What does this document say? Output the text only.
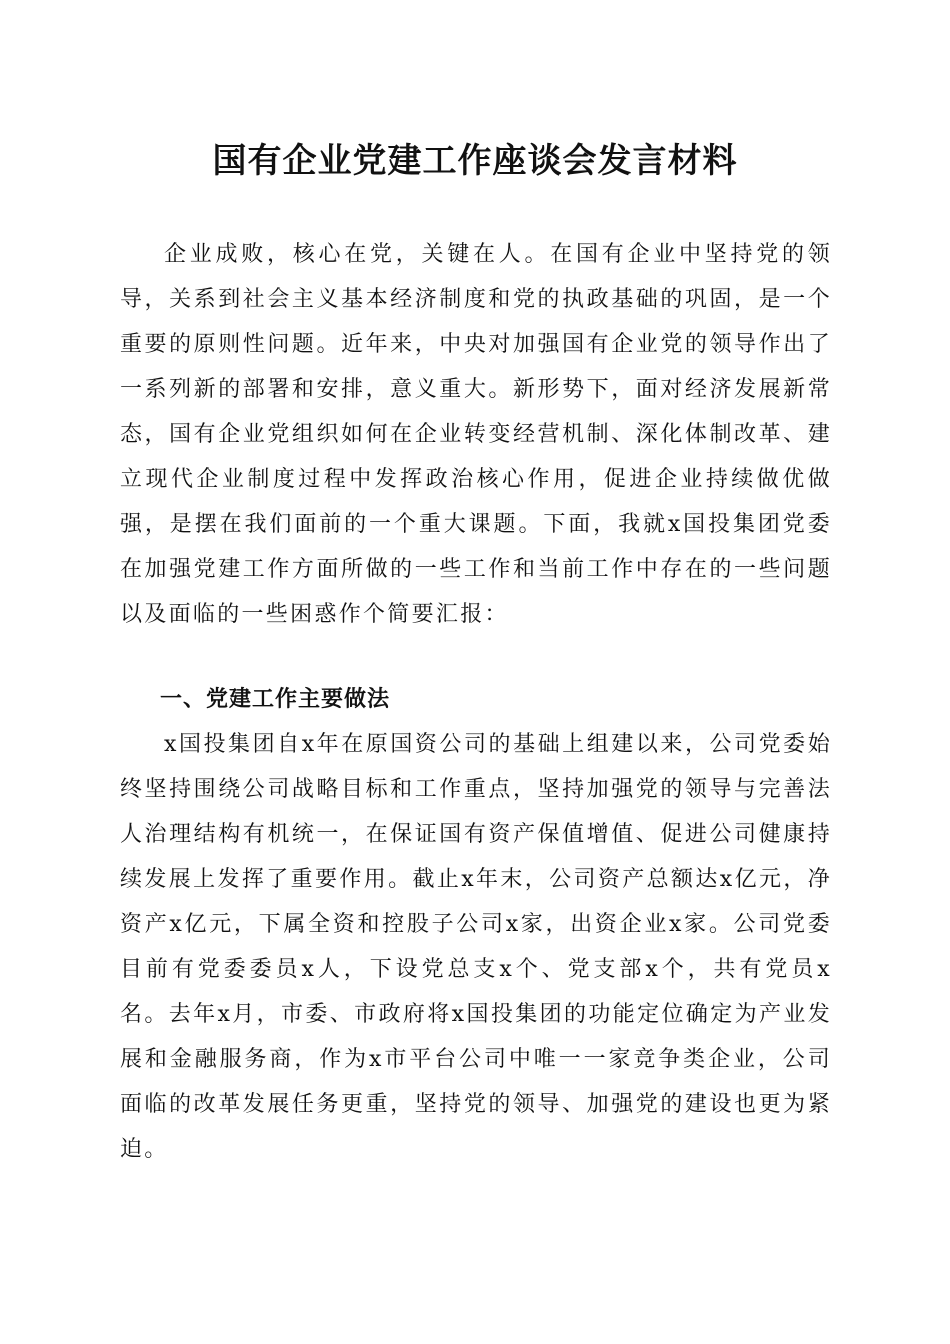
国有企业党建工作座谈会发言材料

企业成败，核心在党，关键在人。在国有企业中坚持党的领导，关系到社会主义基本经济制度和党的执政基础的巩固，是一个重要的原则性问题。近年来，中央对加强国有企业党的领导作出了一系列新的部署和安排，意义重大。新形势下，面对经济发展新常态，国有企业党组织如何在企业转变经营机制、深化体制改革、建立现代企业制度过程中发挥政治核心作用，促进企业持续做优做强，是摆在我们面前的一个重大课题。下面，我就x国投集团党委在加强党建工作方面所做的一些工作和当前工作中存在的一些问题以及面临的一些困惑作个简要汇报：

一、党建工作主要做法

x国投集团自x年在原国资公司的基础上组建以来，公司党委始终坚持围绕公司战略目标和工作重点，坚持加强党的领导与完善法人治理结构有机统一，在保证国有资产保值增值、促进公司健康持续发展上发挥了重要作用。截止x年末，公司资产总额达x亿元，净资产x亿元，下属全资和控股子公司x家，出资企业x家。公司党委目前有党委委员x人，下设党总支x个、党支部x个，共有党员x名。去年x月，市委、市政府将x国投集团的功能定位确定为产业发展和金融服务商，作为x市平台公司中唯一一家竞争类企业，公司面临的改革发展任务更重，坚持党的领导、加强党的建设也更为紧迫。
